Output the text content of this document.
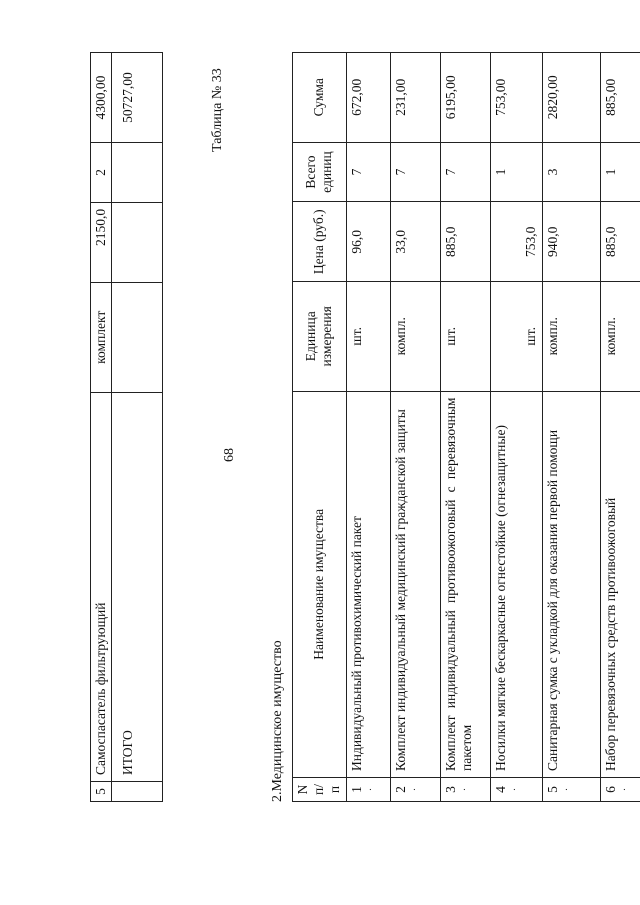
68
5	Самоспасатель фильтрующий	комплект	2150,0	2	4300,00
	ИТОГО				50727,00
2.Медицинское имущество
Таблица № 33
N п/п	Наименование имущества	Единица измерения	Цена (руб.)	Всего единиц	Сумма
1 .	Индивидуальный противохимический пакет	шт.	96,0	7	672,00
2 .	Комплект индивидуальный медицинский гражданской защиты	компл.	33,0	7	231,00
3 .	Комплект индивидуальный противоожоговый с перевязочным пакетом	шт.	885,0	7	6195,00
4 .	Носилки мягкие бескаркасные огнестойкие (огнезащитные)	шт.	753,0	1	753,00
5 .	Санитарная сумка с укладкой для оказания первой помощи	компл.	940,0	3	2820,00
6 .	Набор перевязочных средств противоожоговый	компл.	885,0	1	885,00
